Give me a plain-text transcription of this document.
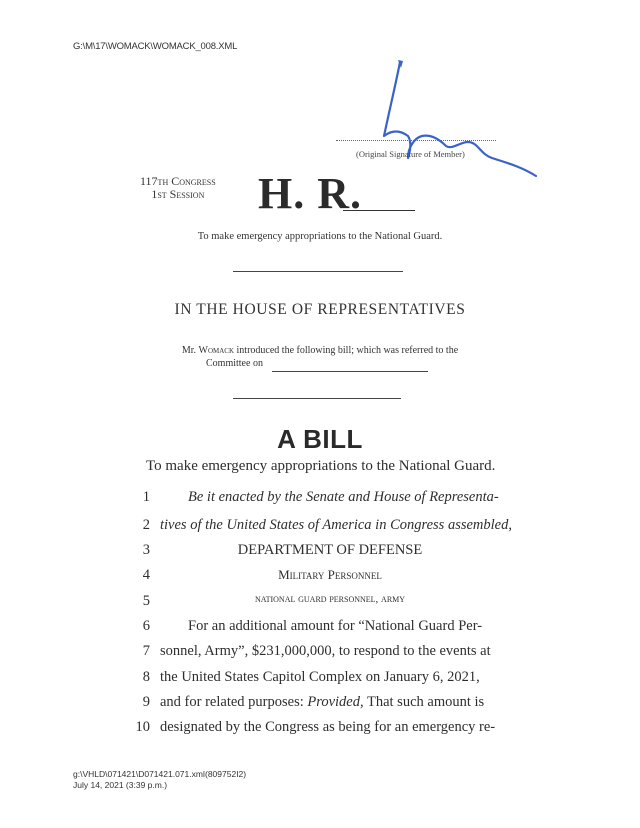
G:\M\17\WOMACK\WOMACK_008.XML
(Original Signature of Member)
117th Congress
1st Session H. R.
To make emergency appropriations to the National Guard.
IN THE HOUSE OF REPRESENTATIVES
Mr. Womack introduced the following bill; which was referred to the
Committee on
A BILL
To make emergency appropriations to the National Guard.
1	Be it enacted by the Senate and House of Representa-
2 tives of the United States of America in Congress assembled,
3	DEPARTMENT OF DEFENSE
4	Military Personnel
5	national guard personnel, army
6	For an additional amount for “National Guard Per-
7 sonnel, Army”, $231,000,000, to respond to the events at
8 the United States Capitol Complex on January 6, 2021,
9 and for related purposes: Provided, That such amount is
10 designated by the Congress as being for an emergency re-
g:\VHLD\071421\D071421.071.xml
July 14, 2021 (3:39 p.m.)
(809752I2)
